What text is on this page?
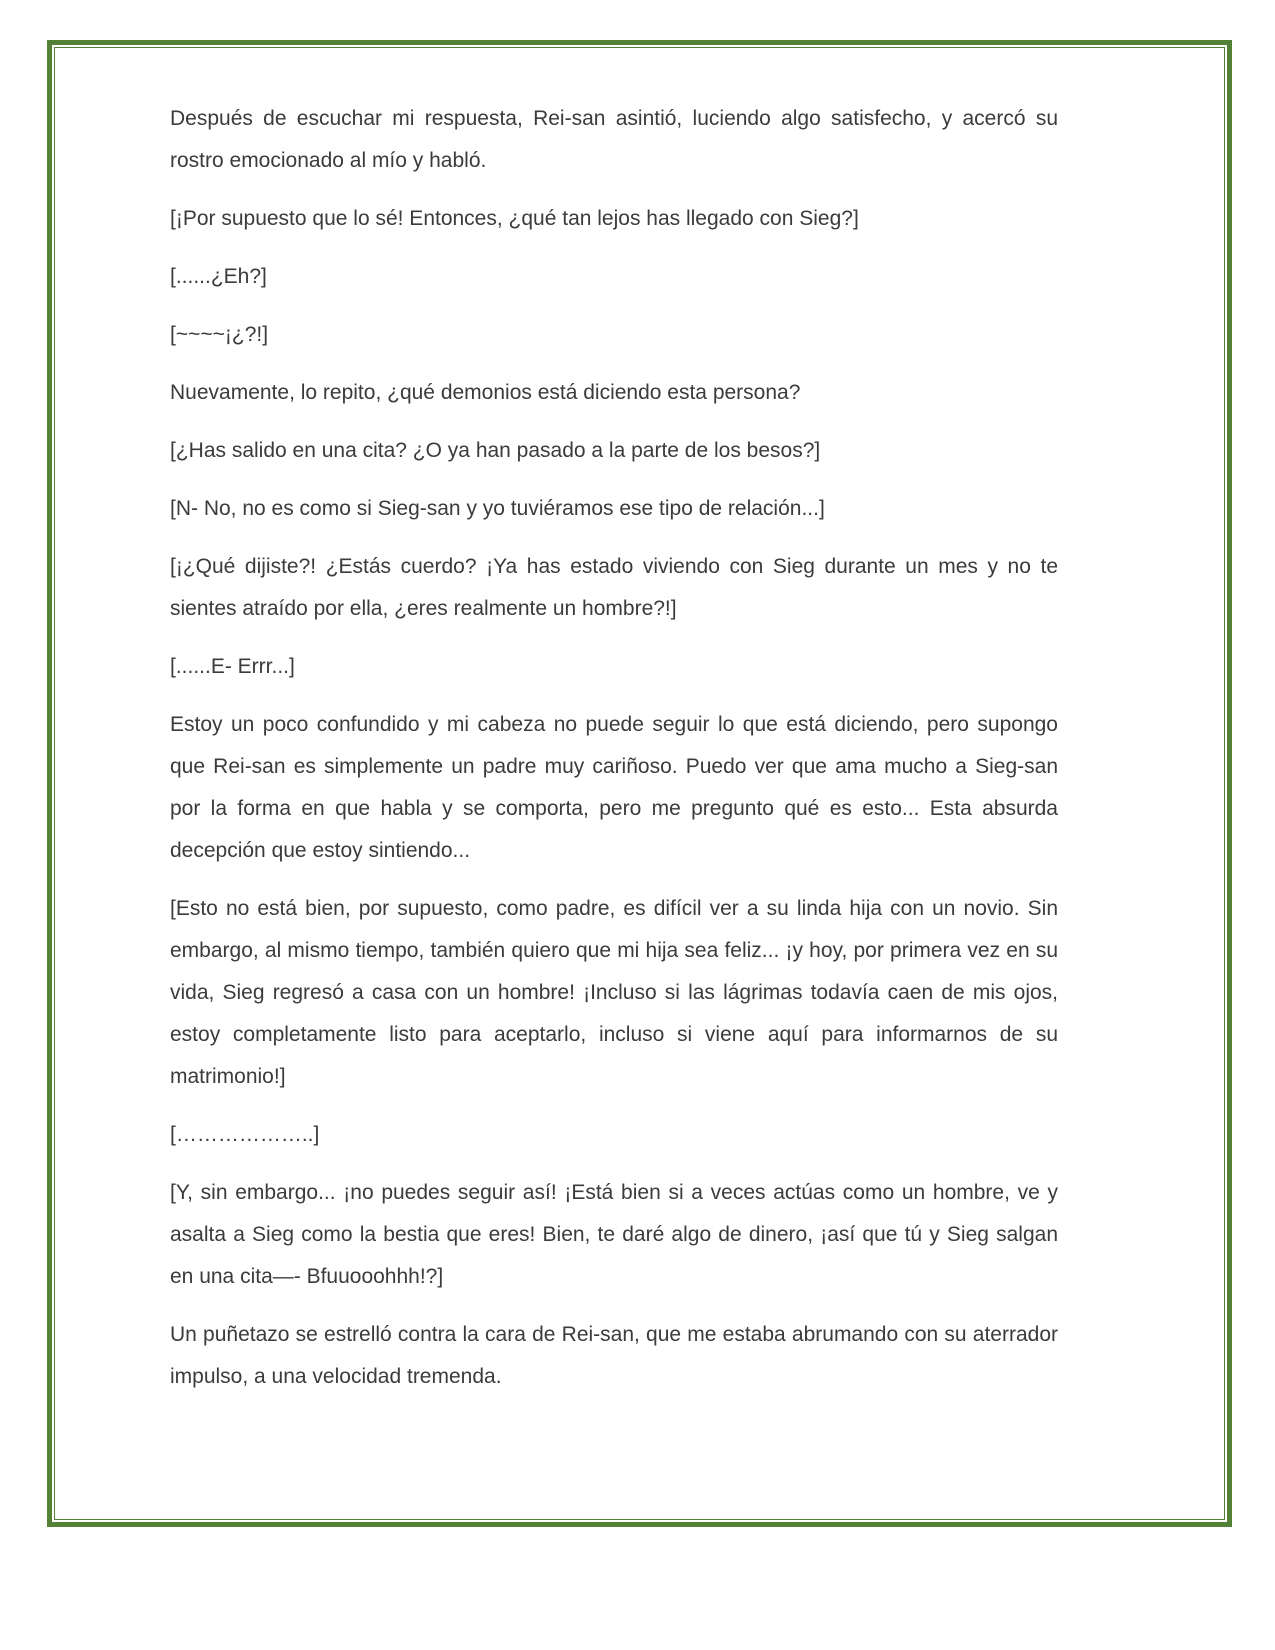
Después de escuchar mi respuesta, Rei-san asintió, luciendo algo satisfecho, y acercó su rostro emocionado al mío y habló.

[¡Por supuesto que lo sé! Entonces, ¿qué tan lejos has llegado con Sieg?]

[......¿Eh?]

[~~~~¡¿?!]

Nuevamente, lo repito, ¿qué demonios está diciendo esta persona?

[¿Has salido en una cita? ¿O ya han pasado a la parte de los besos?]

[N- No, no es como si Sieg-san y yo tuviéramos ese tipo de relación...]

[¡¿Qué dijiste?! ¿Estás cuerdo? ¡Ya has estado viviendo con Sieg durante un mes y no te sientes atraído por ella, ¿eres realmente un hombre?!]

[......E- Errr...]

Estoy un poco confundido y mi cabeza no puede seguir lo que está diciendo, pero supongo que Rei-san es simplemente un padre muy cariñoso. Puedo ver que ama mucho a Sieg-san por la forma en que habla y se comporta, pero me pregunto qué es esto... Esta absurda decepción que estoy sintiendo...

[Esto no está bien, por supuesto, como padre, es difícil ver a su linda hija con un novio. Sin embargo, al mismo tiempo, también quiero que mi hija sea feliz... ¡y hoy, por primera vez en su vida, Sieg regresó a casa con un hombre! ¡Incluso si las lágrimas todavía caen de mis ojos, estoy completamente listo para aceptarlo, incluso si viene aquí para informarnos de su matrimonio!]

[………………..]

[Y, sin embargo... ¡no puedes seguir así! ¡Está bien si a veces actúas como un hombre, ve y asalta a Sieg como la bestia que eres! Bien, te daré algo de dinero, ¡así que tú y Sieg salgan en una cita—- Bfuuooohhh!?]

Un puñetazo se estrelló contra la cara de Rei-san, que me estaba abrumando con su aterrador impulso, a una velocidad tremenda.
